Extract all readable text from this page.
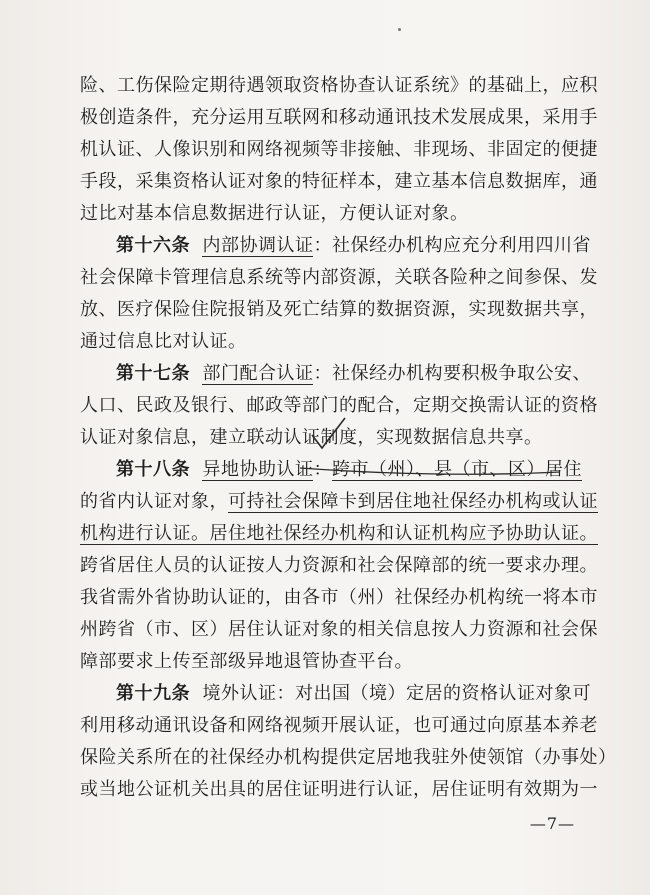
险、工伤保险定期待遇领取资格协查认证系统》的基础上，应积
极创造条件，充分运用互联网和移动通讯技术发展成果，采用手
机认证、人像识别和网络视频等非接触、非现场、非固定的便捷
手段，采集资格认证对象的特征样本，建立基本信息数据库，通
过比对基本信息数据进行认证，方便认证对象。
第十六条 内部协调认证：社保经办机构应充分利用四川省
社会保障卡管理信息系统等内部资源，关联各险种之间参保、发
放、医疗保险住院报销及死亡结算的数据资源，实现数据共享，
通过信息比对认证。
第十七条 部门配合认证：社保经办机构要积极争取公安、
人口、民政及银行、邮政等部门的配合，定期交换需认证的资格
认证对象信息，建立联动认证制度，实现数据信息共享。
第十八条 异地协助认证：跨市（州）、县（市、区）居住
的省内认证对象，可持社会保障卡到居住地社保经办机构或认证
机构进行认证。居住地社保经办机构和认证机构应予协助认证。
跨省居住人员的认证按人力资源和社会保障部的统一要求办理。
我省需外省协助认证的，由各市（州）社保经办机构统一将本市
州跨省（市、区）居住认证对象的相关信息按人力资源和社会保
障部要求上传至部级异地退管协查平台。
第十九条 境外认证：对出国（境）定居的资格认证对象可
利用移动通讯设备和网络视频开展认证，也可通过向原基本养老
保险关系所在的社保经办机构提供定居地我驻外使领馆（办事处）
或当地公证机关出具的居住证明进行认证，居住证明有效期为一
—7—
